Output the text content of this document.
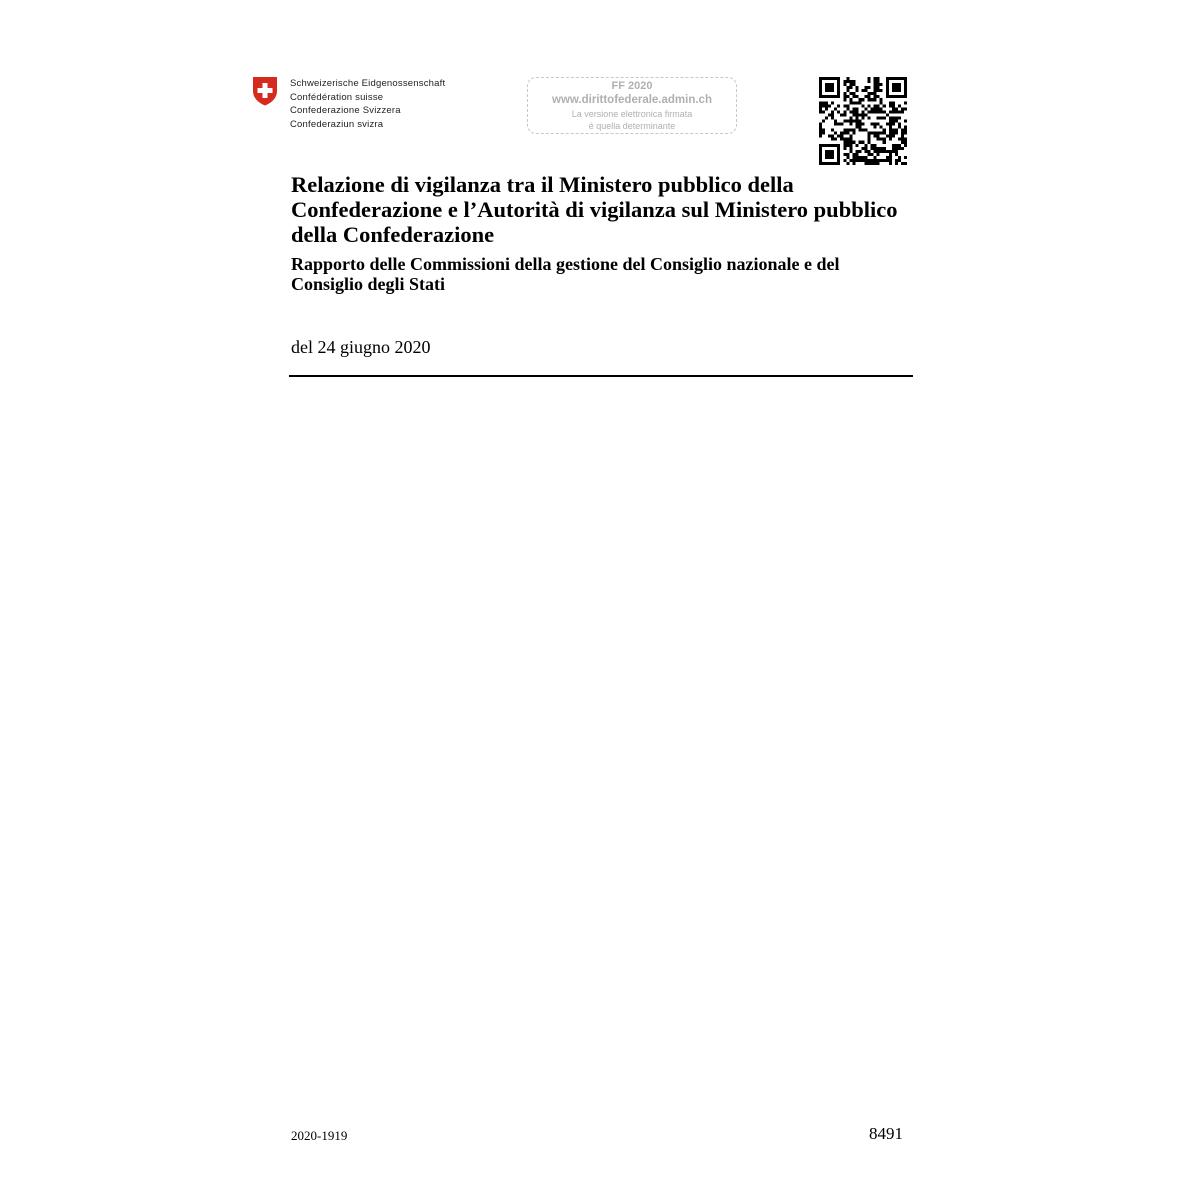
Schweizerische Eidgenossenschaft
Confédération suisse
Confederazione Svizzera
Confederaziun svizra
FF 2020
www.dirittofederale.admin.ch
La versione elettronica firmata
è quella determinante
Relazione di vigilanza tra il Ministero pubblico della Confederazione e l’Autorità di vigilanza sul Ministero pubblico della Confederazione
Rapporto delle Commissioni della gestione del Consiglio nazionale e del Consiglio degli Stati
del 24 giugno 2020
2020-1919	8491
